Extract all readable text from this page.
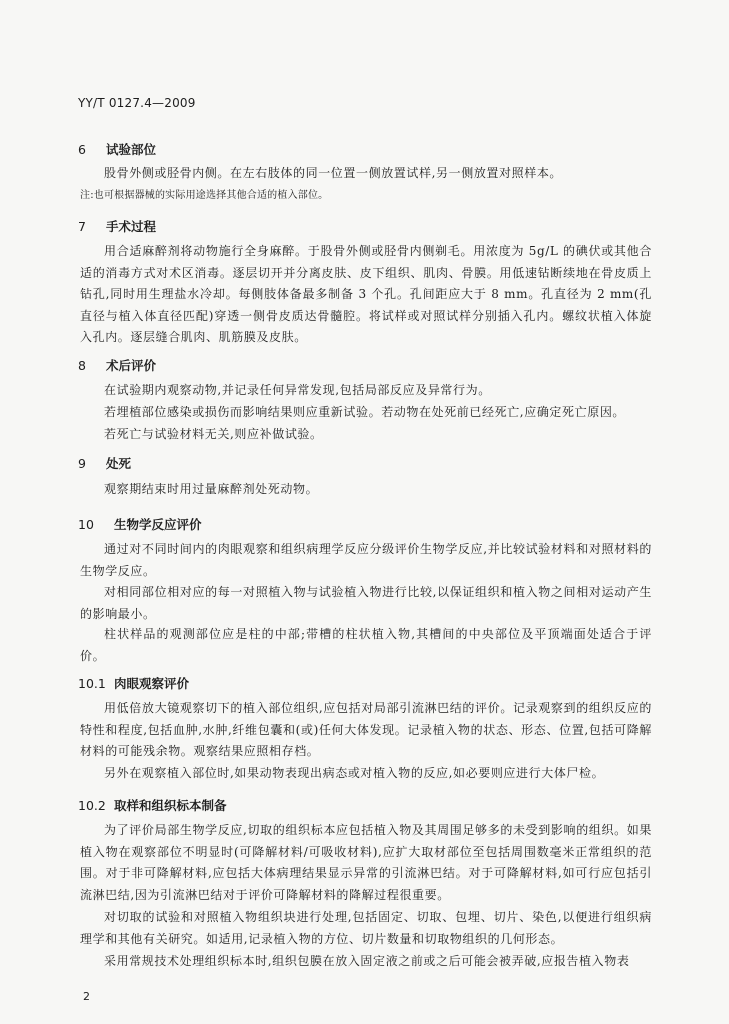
YY/T 0127.4—2009
6 试验部位
股骨外侧或胫骨内侧。在左右肢体的同一位置一侧放置试样,另一侧放置对照样本。
注:也可根据器械的实际用途选择其他合适的植入部位。
7 手术过程
用合适麻醉剂将动物施行全身麻醉。于股骨外侧或胫骨内侧剃毛。用浓度为 5g/L 的碘伏或其他合适的消毒方式对术区消毒。逐层切开并分离皮肤、皮下组织、肌肉、骨膜。用低速钻断续地在骨皮质上钻孔,同时用生理盐水冷却。每侧肢体备最多制备 3 个孔。孔间距应大于 8 mm。孔直径为 2 mm(孔直径与植入体直径匹配)穿透一侧骨皮质达骨髓腔。将试样或对照试样分别插入孔内。螺纹状植入体旋入孔内。逐层缝合肌肉、肌筋膜及皮肤。
8 术后评价
在试验期内观察动物,并记录任何异常发现,包括局部反应及异常行为。
若埋植部位感染或损伤而影响结果则应重新试验。若动物在处死前已经死亡,应确定死亡原因。
若死亡与试验材料无关,则应补做试验。
9 处死
观察期结束时用过量麻醉剂处死动物。
10 生物学反应评价
通过对不同时间内的肉眼观察和组织病理学反应分级评价生物学反应,并比较试验材料和对照材料的生物学反应。
对相同部位相对应的每一对照植入物与试验植入物进行比较,以保证组织和植入物之间相对运动产生的影响最小。
柱状样品的观测部位应是柱的中部;带槽的柱状植入物,其槽间的中央部位及平顶端面处适合于评价。
10.1 肉眼观察评价
用低倍放大镜观察切下的植入部位组织,应包括对局部引流淋巴结的评价。记录观察到的组织反应的特性和程度,包括血肿,水肿,纤维包囊和(或)任何大体发现。记录植入物的状态、形态、位置,包括可降解材料的可能残余物。观察结果应照相存档。
另外在观察植入部位时,如果动物表现出病态或对植入物的反应,如必要则应进行大体尸检。
10.2 取样和组织标本制备
为了评价局部生物学反应,切取的组织标本应包括植入物及其周围足够多的未受到影响的组织。如果植入物在观察部位不明显时(可降解材料/可吸收材料),应扩大取材部位至包括周围数毫米正常组织的范围。对于非可降解材料,应包括大体病理结果显示异常的引流淋巴结。对于可降解材料,如可行应包括引流淋巴结,因为引流淋巴结对于评价可降解材料的降解过程很重要。
对切取的试验和对照植入物组织块进行处理,包括固定、切取、包埋、切片、染色,以便进行组织病理学和其他有关研究。如适用,记录植入物的方位、切片数量和切取物组织的几何形态。
采用常规技术处理组织标本时,组织包膜在放入固定液之前或之后可能会被弄破,应报告植入物表
2
